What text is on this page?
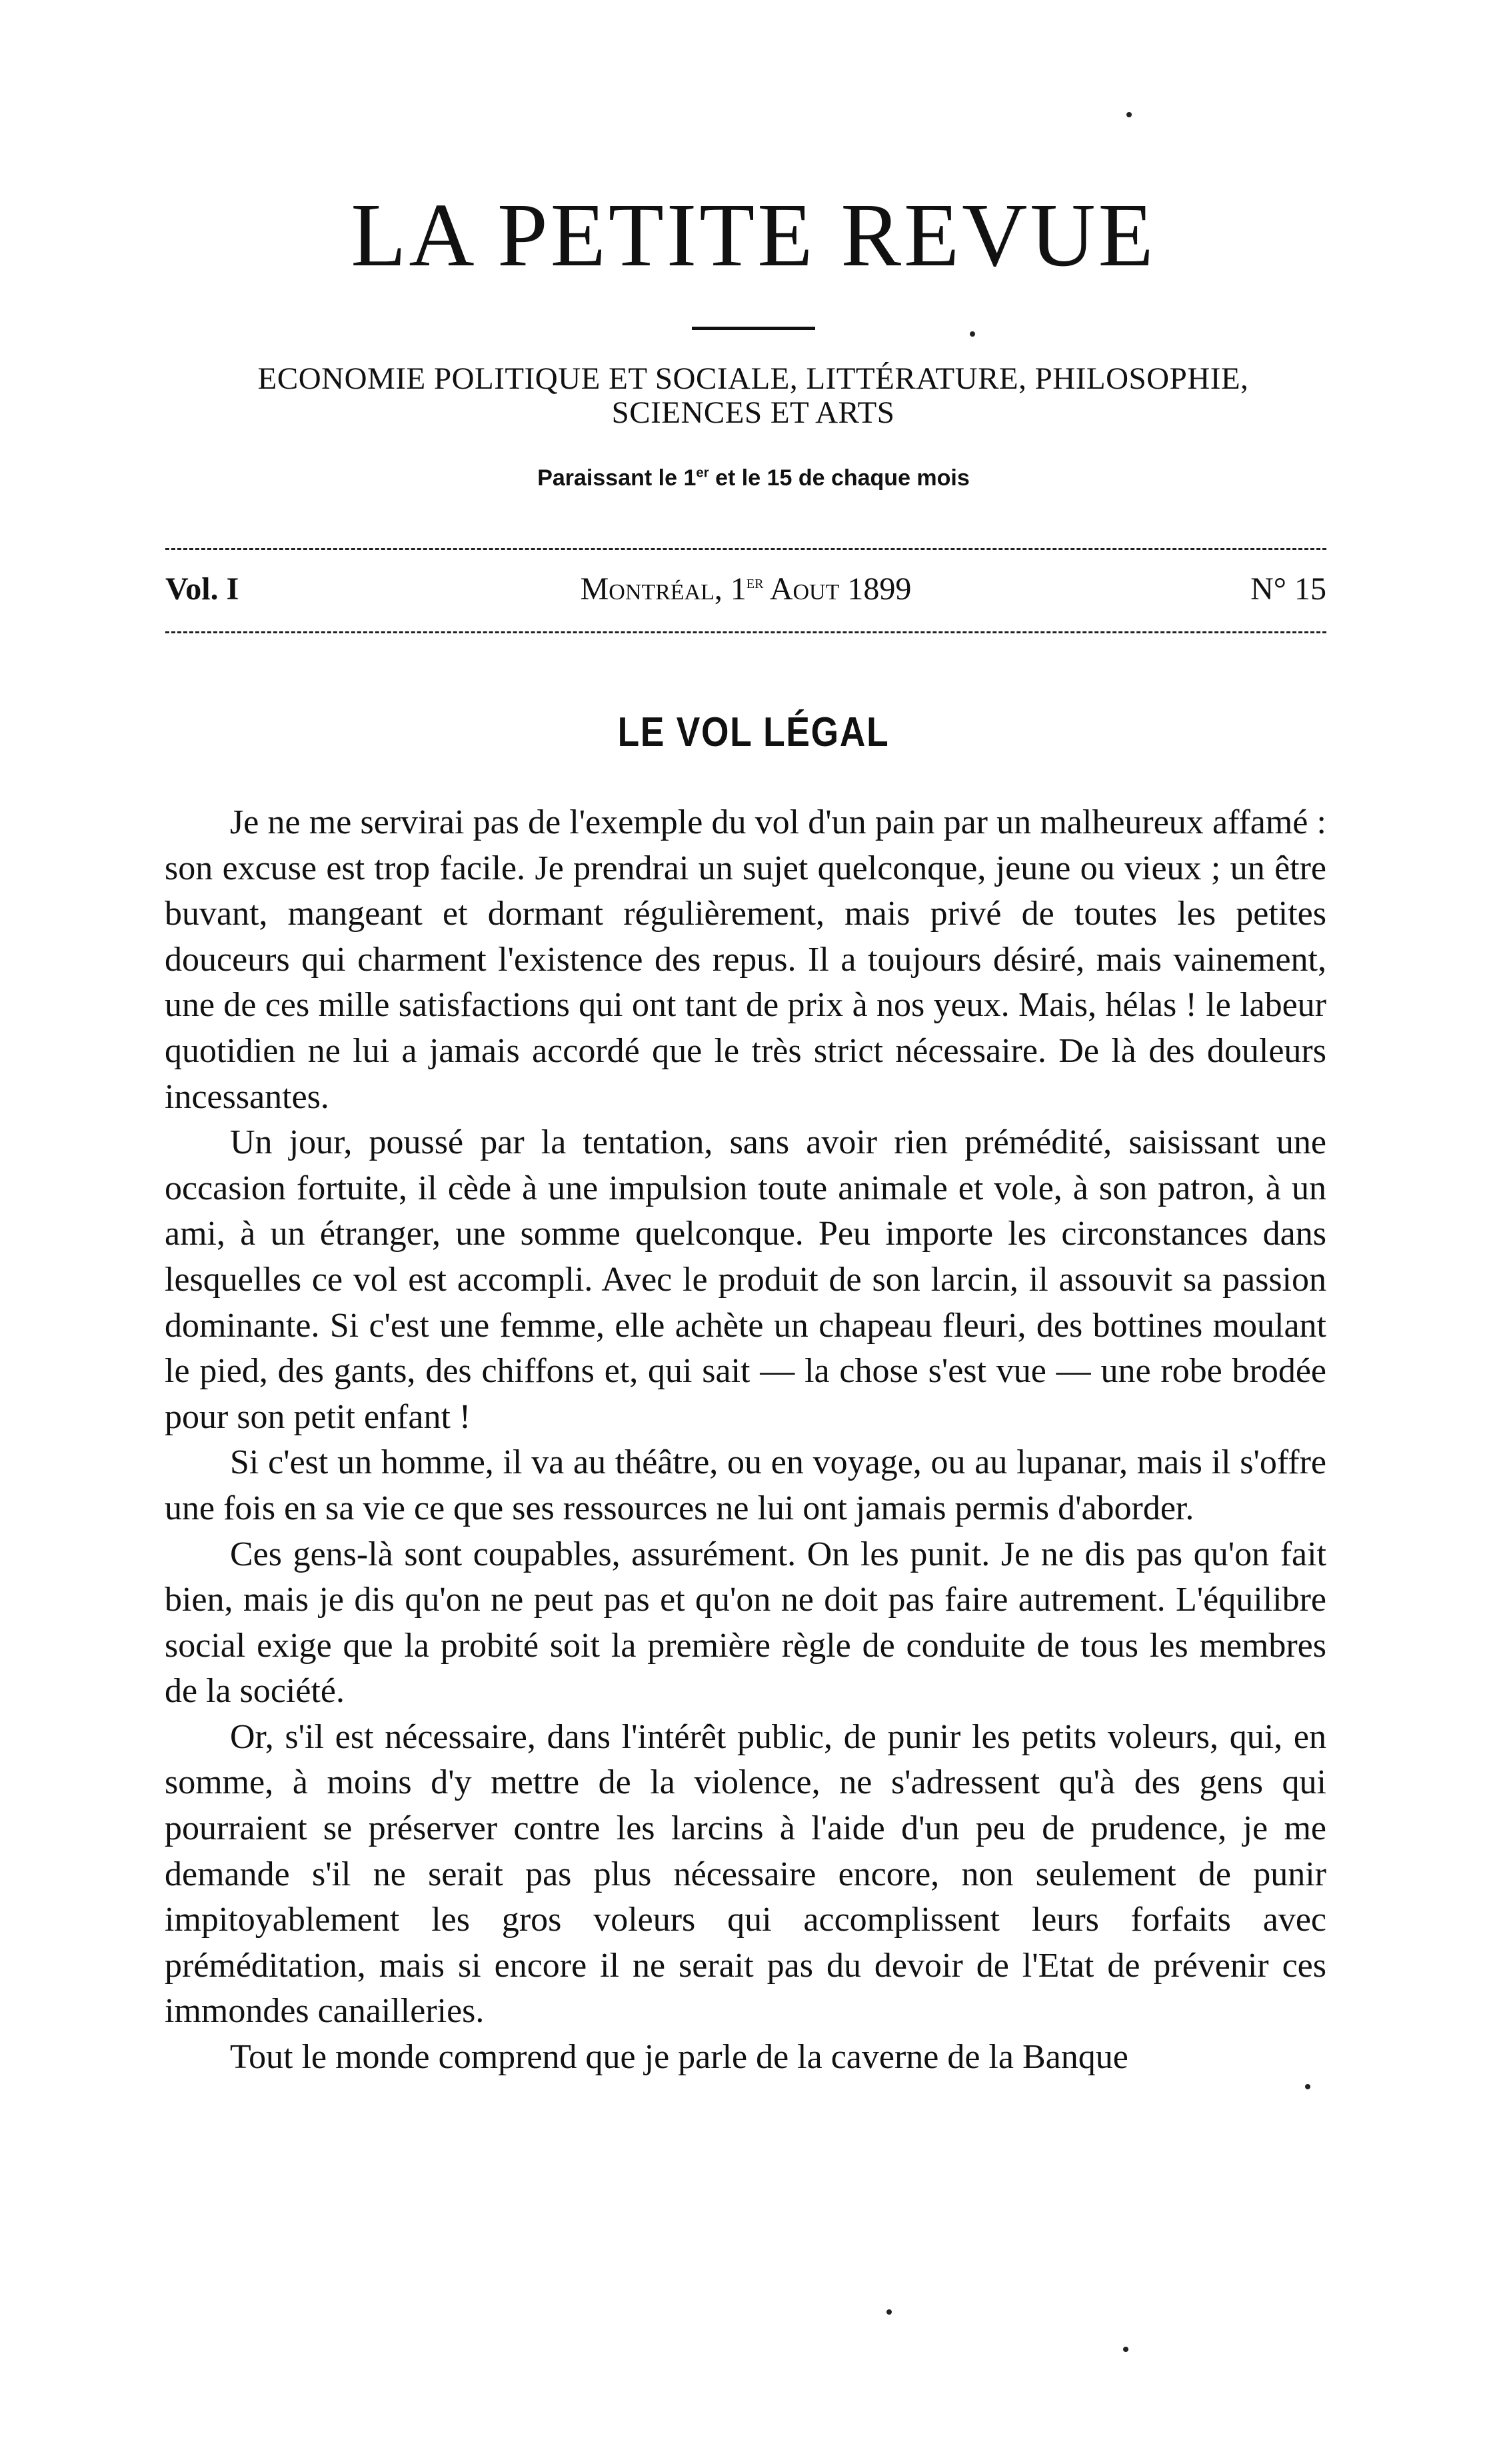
LA PETITE REVUE
ECONOMIE POLITIQUE ET SOCIALE, LITTÉRATURE, PHILOSOPHIE,
SCIENCES ET ARTS
Paraissant le 1er et le 15 de chaque mois
Vol. I	Montréal, 1er Aout 1899	N° 15
LE VOL LÉGAL

Je ne me servirai pas de l'exemple du vol d'un pain par un malheureux affamé : son excuse est trop facile. Je prendrai un sujet quelconque, jeune ou vieux ; un être buvant, mangeant et dormant régulièrement, mais privé de toutes les petites douceurs qui charment l'existence des repus. Il a toujours désiré, mais vainement, une de ces mille satisfactions qui ont tant de prix à nos yeux. Mais, hélas ! le labeur quotidien ne lui a jamais accordé que le très strict nécessaire. De là des douleurs incessantes.

Un jour, poussé par la tentation, sans avoir rien prémédité, saisissant une occasion fortuite, il cède à une impulsion toute animale et vole, à son patron, à un ami, à un étranger, une somme quelconque. Peu importe les circonstances dans lesquelles ce vol est accompli. Avec le produit de son larcin, il assouvit sa passion dominante. Si c'est une femme, elle achète un chapeau fleuri, des bottines moulant le pied, des gants, des chiffons et, qui sait — la chose s'est vue — une robe brodée pour son petit enfant !

Si c'est un homme, il va au théâtre, ou en voyage, ou au lupanar, mais il s'offre une fois en sa vie ce que ses ressources ne lui ont jamais permis d'aborder.

Ces gens-là sont coupables, assurément. On les punit. Je ne dis pas qu'on fait bien, mais je dis qu'on ne peut pas et qu'on ne doit pas faire autrement. L'équilibre social exige que la probité soit la première règle de conduite de tous les membres de la société.

Or, s'il est nécessaire, dans l'intérêt public, de punir les petits voleurs, qui, en somme, à moins d'y mettre de la violence, ne s'adressent qu'à des gens qui pourraient se préserver contre les larcins à l'aide d'un peu de prudence, je me demande s'il ne serait pas plus nécessaire encore, non seulement de punir impitoyablement les gros voleurs qui accomplissent leurs forfaits avec préméditation, mais si encore il ne serait pas du devoir de l'Etat de prévenir ces immondes canailleries.

Tout le monde comprend que je parle de la caverne de la Banque
